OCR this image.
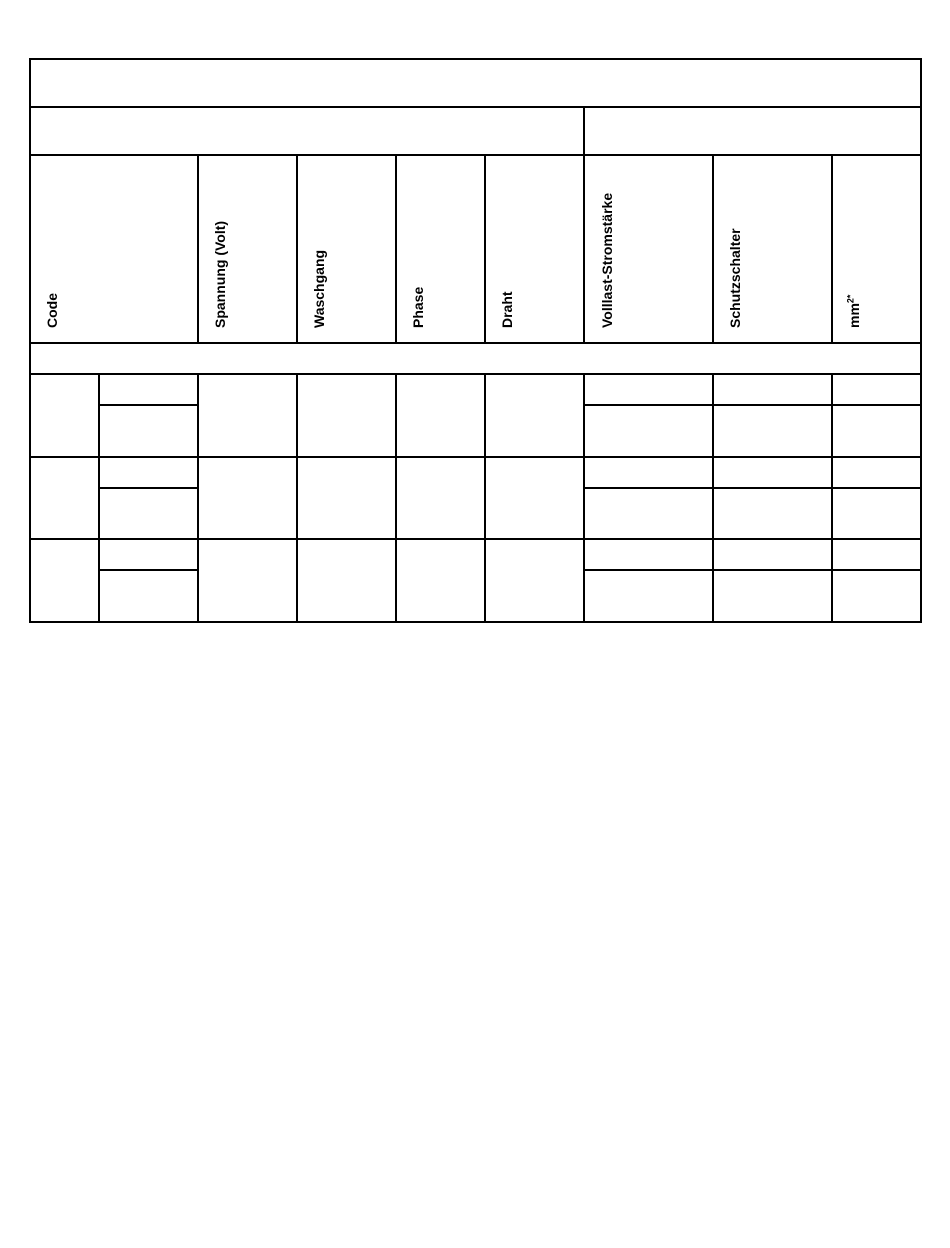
Code	Spannung (Volt)	Waschgang	Phase	Draht	Volllast-Stromstärke	Schutzschalter	$mm^{2*}$
